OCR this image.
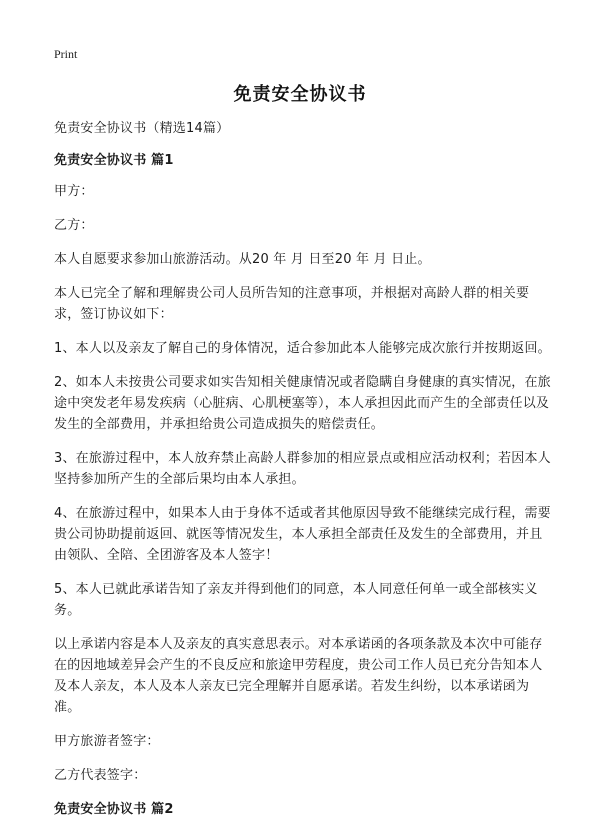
Print
免责安全协议书

免责安全协议书（精选14篇）

免责安全协议书 篇1

甲方：

乙方：

本人自愿要求参加山旅游活动。从20 年 月 日至20 年 月 日止。

本人已完全了解和理解贵公司人员所告知的注意事项，并根据对高龄人群的相关要求，签订协议如下：

1、本人以及亲友了解自己的身体情况，适合参加此本人能够完成次旅行并按期返回。

2、如本人未按贵公司要求如实告知相关健康情况或者隐瞒自身健康的真实情况，在旅途中突发老年易发疾病（心脏病、心肌梗塞等），本人承担因此而产生的全部责任以及发生的全部费用，并承担给贵公司造成损失的赔偿责任。

3、在旅游过程中，本人放弃禁止高龄人群参加的相应景点或相应活动权利；若因本人坚持参加所产生的全部后果均由本人承担。

4、在旅游过程中，如果本人由于身体不适或者其他原因导致不能继续完成行程，需要贵公司协助提前返回、就医等情况发生，本人承担全部责任及发生的全部费用，并且由领队、全陪、全团游客及本人签字！

5、本人已就此承诺告知了亲友并得到他们的同意，本人同意任何单一或全部核实义务。

以上承诺内容是本人及亲友的真实意思表示。对本承诺函的各项条款及本次中可能存在的因地域差异会产生的不良反应和旅途甲劳程度，贵公司工作人员已充分告知本人及本人亲友，本人及本人亲友已完全理解并自愿承诺。若发生纠纷，以本承诺函为准。

甲方旅游者签字：

乙方代表签字：

免责安全协议书 篇2
